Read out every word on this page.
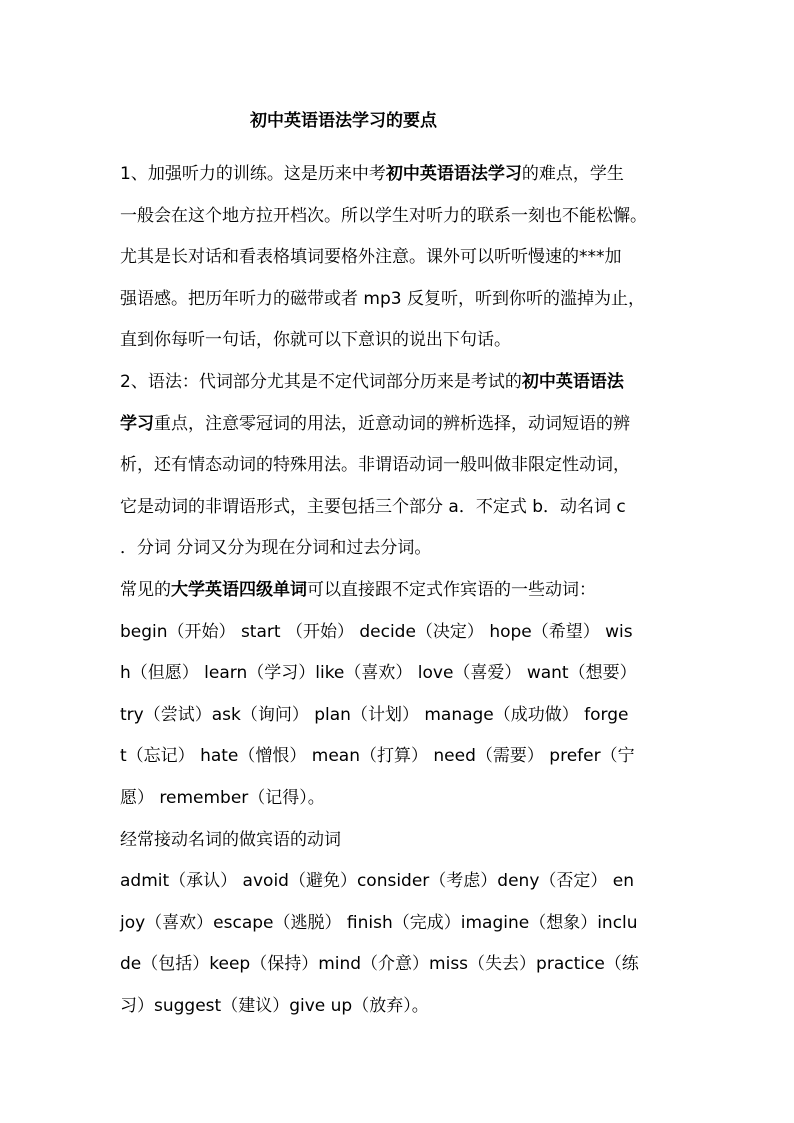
初中英语语法学习的要点

1、加强听力的训练。这是历来中考初中英语语法学习的难点，学生

一般会在这个地方拉开档次。所以学生对听力的联系一刻也不能松懈。

尤其是长对话和看表格填词要格外注意。课外可以听听慢速的***加

强语感。把历年听力的磁带或者 mp3 反复听，听到你听的滥掉为止，

直到你每听一句话，你就可以下意识的说出下句话。

2、语法：代词部分尤其是不定代词部分历来是考试的初中英语语法

学习重点，注意零冠词的用法，近意动词的辨析选择，动词短语的辨

析，还有情态动词的特殊用法。非谓语动词一般叫做非限定性动词，

它是动词的非谓语形式，主要包括三个部分 a．不定式 b．动名词 c

．分词 分词又分为现在分词和过去分词。

常见的大学英语四级单词可以直接跟不定式作宾语的一些动词：

begin（开始） start （开始） decide（决定） hope（希望） wis

h（但愿） learn（学习）like（喜欢） love（喜爱） want（想要）

try（尝试）ask（询问） plan（计划） manage（成功做） forge

t（忘记） hate（憎恨） mean（打算） need（需要） prefer（宁

愿） remember（记得）。

经常接动名词的做宾语的动词

admit（承认） avoid（避免）consider（考虑）deny（否定） en

joy（喜欢）escape（逃脱） finish（完成）imagine（想象）inclu

de（包括）keep（保持）mind（介意）miss（失去）practice（练

习）suggest（建议）give up（放弃）。
